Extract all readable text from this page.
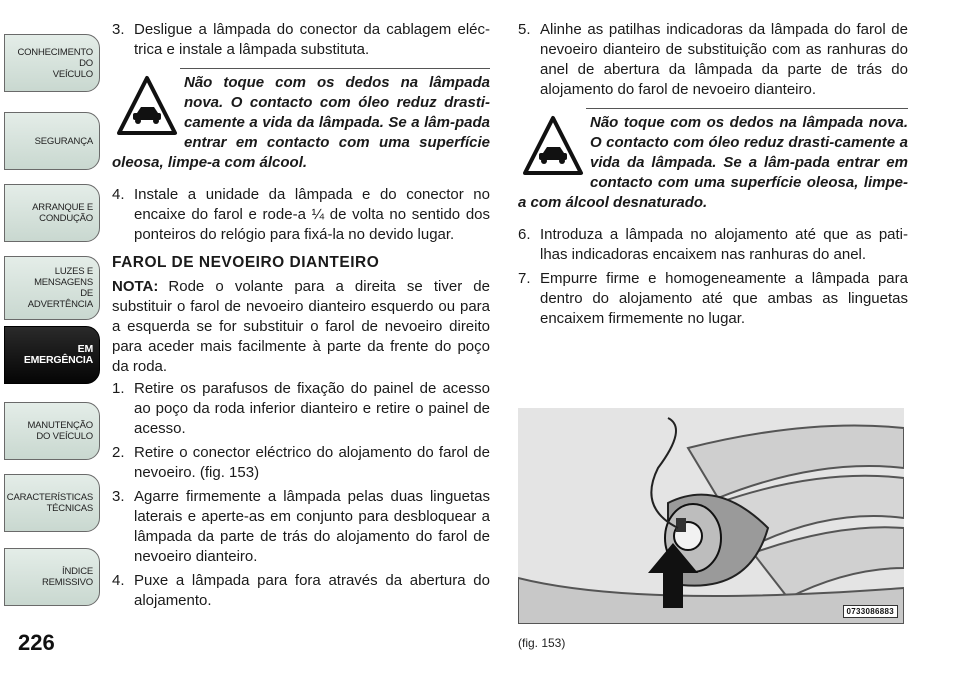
CONHECIMENTO
DO
VEÍCULO
SEGURANÇA
ARRANQUE E
CONDUÇÃO
LUZES E
MENSAGENS
DE
ADVERTÊNCIA
EM
EMERGÊNCIA
MANUTENÇÃO
DO VEÍCULO
CARACTERÍSTICAS
TÉCNICAS
ÍNDICE
REMISSIVO
226

3. Desligue a lâmpada do conector da cablagem eléc-trica e instale a lâmpada substituta.

Não toque com os dedos na lâmpada nova. O contacto com óleo reduz drasti-camente a vida da lâmpada. Se a lâm-pada entrar em contacto com uma superfície oleosa, limpe-a com álcool.

4. Instale a unidade da lâmpada e do conector no encaixe do farol e rode-a ¼ de volta no sentido dos ponteiros do relógio para fixá-la no devido lugar.

FAROL DE NEVOEIRO DIANTEIRO

NOTA: Rode o volante para a direita se tiver de substituir o farol de nevoeiro dianteiro esquerdo ou para a esquerda se for substituir o farol de nevoeiro direito para aceder mais facilmente à parte da frente do poço da roda.

1. Retire os parafusos de fixação do painel de acesso ao poço da roda inferior dianteiro e retire o painel de acesso.

2. Retire o conector eléctrico do alojamento do farol de nevoeiro. (fig. 153)

3. Agarre firmemente a lâmpada pelas duas linguetas laterais e aperte-as em conjunto para desbloquear a lâmpada da parte de trás do alojamento do farol de nevoeiro dianteiro.

4. Puxe a lâmpada para fora através da abertura do alojamento.

5. Alinhe as patilhas indicadoras da lâmpada do farol de nevoeiro dianteiro de substituição com as ranhuras do anel de abertura da lâmpada da parte de trás do alojamento do farol de nevoeiro dianteiro.

Não toque com os dedos na lâmpada nova. O contacto com óleo reduz drasti-camente a vida da lâmpada. Se a lâm-pada entrar em contacto com uma superfície oleosa, limpe-a com álcool desnaturado.

6. Introduza a lâmpada no alojamento até que as pati-lhas indicadoras encaixem nas ranhuras do anel.

7. Empurre firme e homogeneamente a lâmpada para dentro do alojamento até que ambas as linguetas encaixem firmemente no lugar.

0733086883
(fig. 153)
